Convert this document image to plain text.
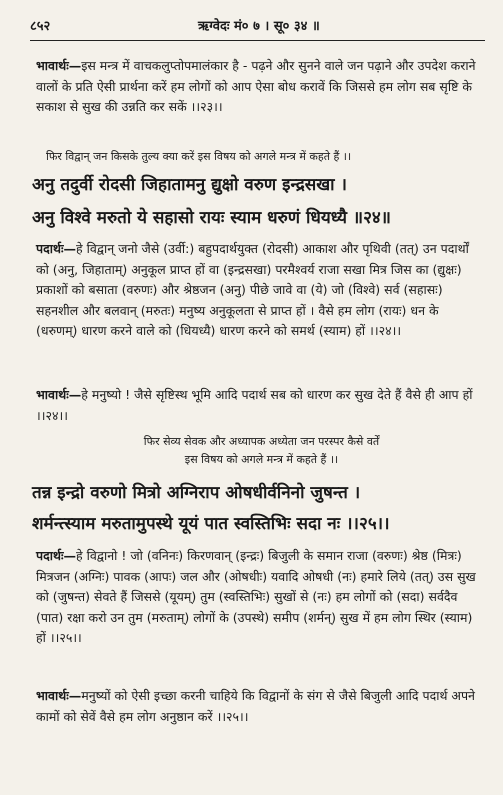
८५२	ऋग्वेदः मं० ७ । सू० ३४ ॥
भावार्थः—इस मन्त्र में वाचकलुप्तोपमालंकार है - पढ़ने और सुनने वाले जन पढ़ाने और उपदेश कराने वालों के प्रति ऐसी प्रार्थना करें हम लोगों को आप ऐसा बोध करावें कि जिससे हम लोग सब सृष्टि के सकाश से सुख की उन्नति कर सकें ।।२३।।
फिर विद्वान् जन किसके तुल्य क्या करें इस विषय को अगले मन्त्र में कहते हैं ।।
अनु तदुर्वी रोदसी जिहातामनु द्युक्षो वरुण इन्द्रसखा ।
अनु विश्वे मरुतो ये सहासो रायः स्याम धरुणं धियध्यै ॥२४॥
पदार्थः—हे विद्वान् जनो जैसे (उर्वी:) बहुपदार्थयुक्त (रोदसी) आकाश और पृथिवी (तत्) उन पदार्थों को (अनु, जिहाताम्) अनुकूल प्राप्त हों वा (इन्द्रसखा) परमैश्वर्य राजा सखा मित्र जिस का (द्युक्षः) प्रकाशों को बसाता (वरुणः) और श्रेष्ठजन (अनु) पीछे जावे वा (ये) जो (विश्वे) सर्व (सहासः) सहनशील और बलवान् (मरुतः) मनुष्य अनुकूलता से प्राप्त हों । वैसे हम लोग (रायः) धन के (धरुणम्) धारण करने वाले को (धियध्यै) धारण करने को समर्थ (स्याम) हों ।।२४।।
भावार्थः—हे मनुष्यो ! जैसे सृष्टिस्थ भूमि आदि पदार्थ सब को धारण कर सुख देते हैं वैसे ही आप हों ।।२४।।
फिर सेव्य सेवक और अध्यापक अध्येता जन परस्पर कैसे वर्तें
इस विषय को अगले मन्त्र में कहते हैं ।।
तन्न इन्द्रो वरुणो मित्रो अग्निराप ओषधीर्वनिनो जुषन्त ।
शर्मन्त्स्याम मरुतामुपस्थे यूयं पात स्वस्तिभिः सदा नः ।।२५।।
पदार्थः—हे विद्वानो ! जो (वनिनः) किरणवान् (इन्द्रः) बिजुली के समान राजा (वरुणः) श्रेष्ठ (मित्रः) मित्रजन (अग्निः) पावक (आपः) जल और (ओषधीः) यवादि ओषधी (नः) हमारे लिये (तत्) उस सुख को (जुषन्त) सेवते हैं जिससे (यूयम्) तुम (स्वस्तिभिः) सुखों से (नः) हम लोगों को (सदा) सर्वदैव (पात) रक्षा करो उन तुम (मरुताम्) लोगों के (उपस्थे) समीप (शर्मन्) सुख में हम लोग स्थिर (स्याम) हों ।।२५।।
भावार्थः—मनुष्यों को ऐसी इच्छा करनी चाहिये कि विद्वानों के संग से जैसे बिजुली आदि पदार्थ अपने कामों को सेवें वैसे हम लोग अनुष्ठान करें ।।२५।।
